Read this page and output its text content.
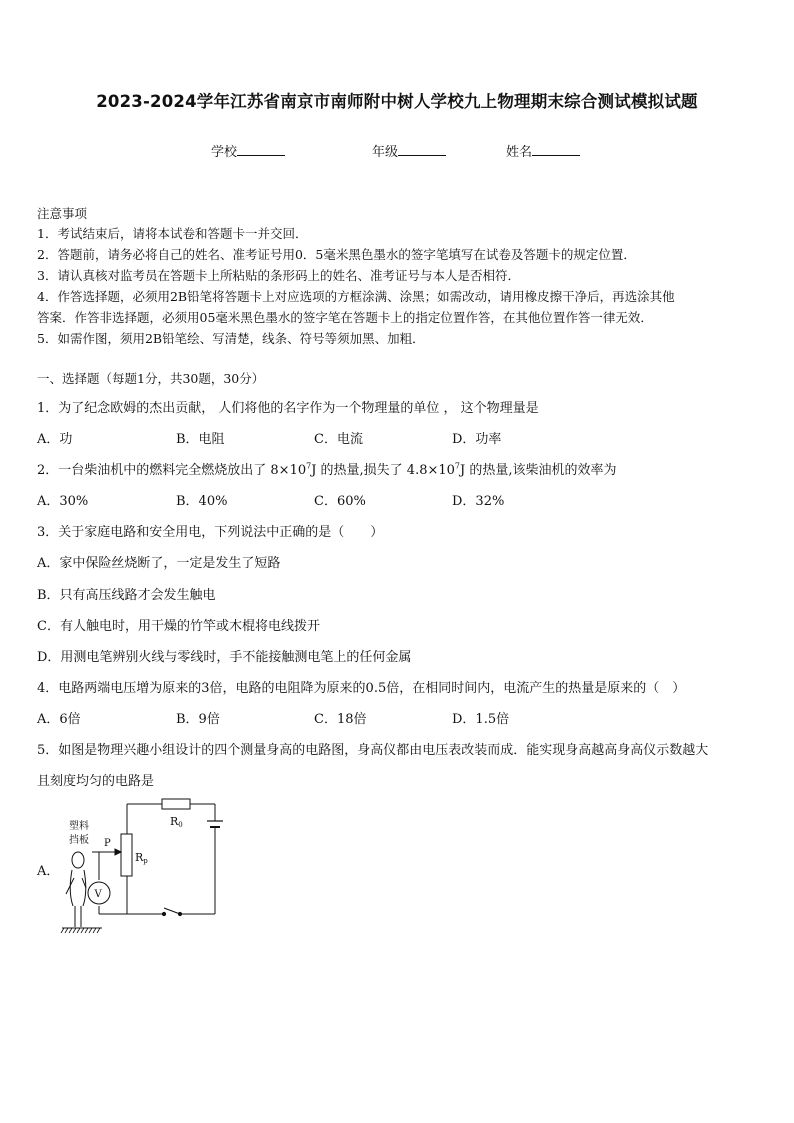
2023-2024学年江苏省南京市南师附中树人学校九上物理期末综合测试模拟试题
学校	年级	姓名
注意事项
1．考试结束后，请将本试卷和答题卡一并交回．
2．答题前，请务必将自己的姓名、准考证号用0．5毫米黑色墨水的签字笔填写在试卷及答题卡的规定位置．
3．请认真核对监考员在答题卡上所粘贴的条形码上的姓名、准考证号与本人是否相符．
4．作答选择题，必须用2B铅笔将答题卡上对应选项的方框涂满、涂黑；如需改动，请用橡皮擦干净后，再选涂其他
答案．作答非选择题，必须用05毫米黑色墨水的签字笔在答题卡上的指定位置作答，在其他位置作答一律无效．
5．如需作图，须用2B铅笔绘、写清楚，线条、符号等须加黑、加粗．
一、选择题（每题1分，共30题，30分）
1．为了纪念欧姆的杰出贡献， 人们将他的名字作为一个物理量的单位 ， 这个物理量是
A．功	B．电阻	C．电流	D．功率
2．一台柴油机中的燃料完全燃烧放出了 $8\times 10^7J$ 的热量,损失了 $4.8\times 10^7J$ 的热量,该柴油机的效率为
A．30%	B．40%	C．60%	D．32%
3．关于家庭电路和安全用电，下列说法中正确的是（　　）
A．家中保险丝烧断了，一定是发生了短路
B．只有高压线路才会发生触电
C．有人触电时，用干燥的竹竿或木棍将电线拨开
D．用测电笔辨别火线与零线时，手不能接触测电笔上的任何金属
4．电路两端电压增为原来的3倍，电路的电阻降为原来的0.5倍，在相同时间内，电流产生的热量是原来的（　）
A．6倍	B．9倍	C．18倍	D．1.5倍
5．如图是物理兴趣小组设计的四个测量身高的电路图，身高仪都由电压表改装而成．能实现身高越高身高仪示数越大
且刻度均匀的电路是
A．
R0
Rp
塑料
挡板 P
V
